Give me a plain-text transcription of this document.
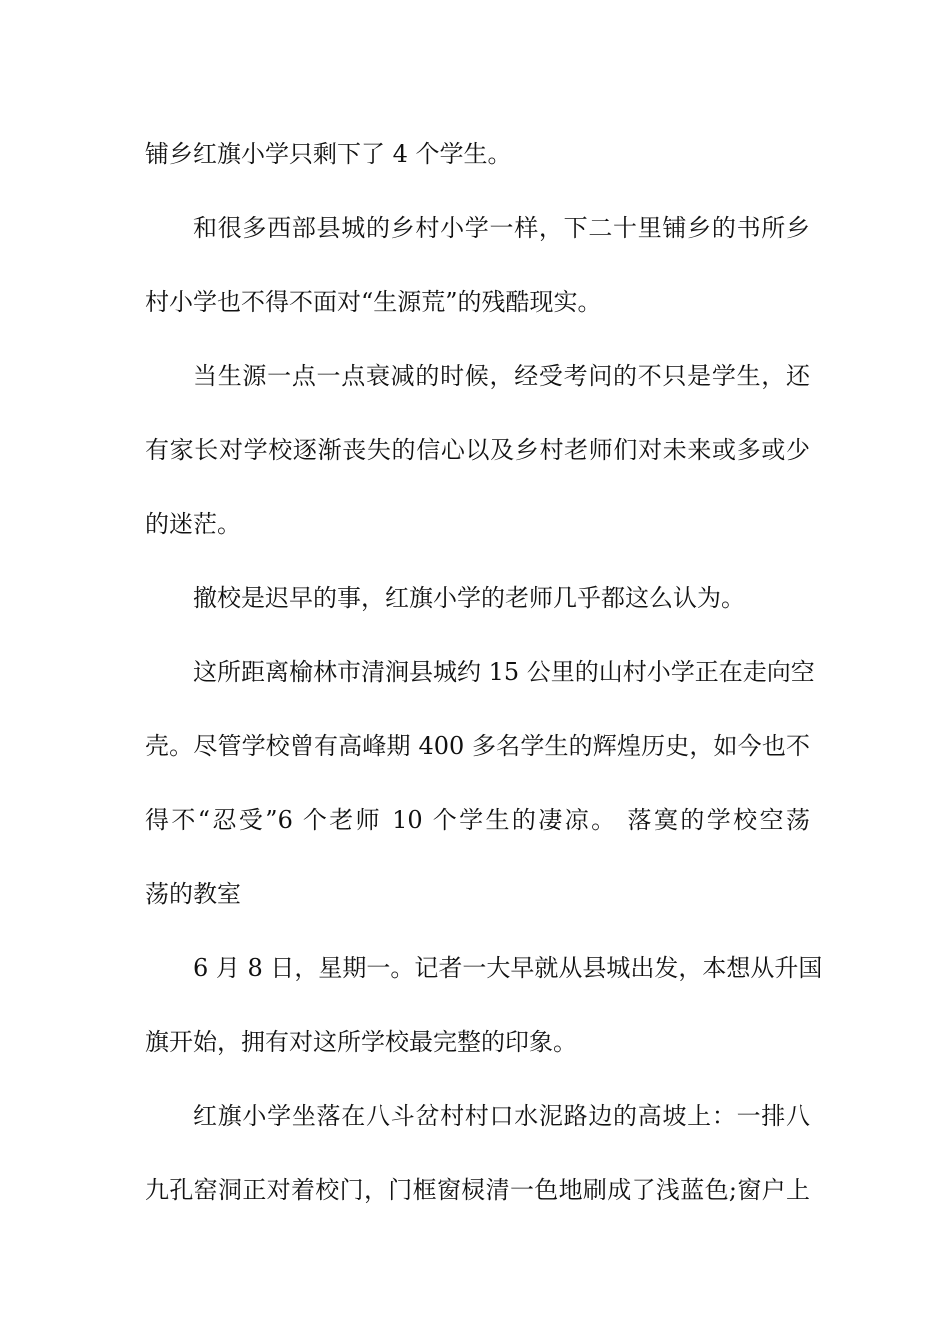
铺乡红旗小学只剩下了 4 个学生。

和很多西部县城的乡村小学一样，下二十里铺乡的书所乡

村小学也不得不面对“生源荒”的残酷现实。

当生源一点一点衰减的时候，经受考问的不只是学生，还

有家长对学校逐渐丧失的信心以及乡村老师们对未来或多或少

的迷茫。

撤校是迟早的事，红旗小学的老师几乎都这么认为。

这所距离榆林市清涧县城约 15 公里的山村小学正在走向空

壳。尽管学校曾有高峰期 400 多名学生的辉煌历史，如今也不

得不“忍受”6 个老师 10 个学生的凄凉。 落寞的学校空荡

荡的教室

6 月 8 日，星期一。记者一大早就从县城出发，本想从升国

旗开始，拥有对这所学校最完整的印象。

红旗小学坐落在八斗岔村村口水泥路边的高坡上：一排八

九孔窑洞正对着校门，门框窗棂清一色地刷成了浅蓝色;窗户上
